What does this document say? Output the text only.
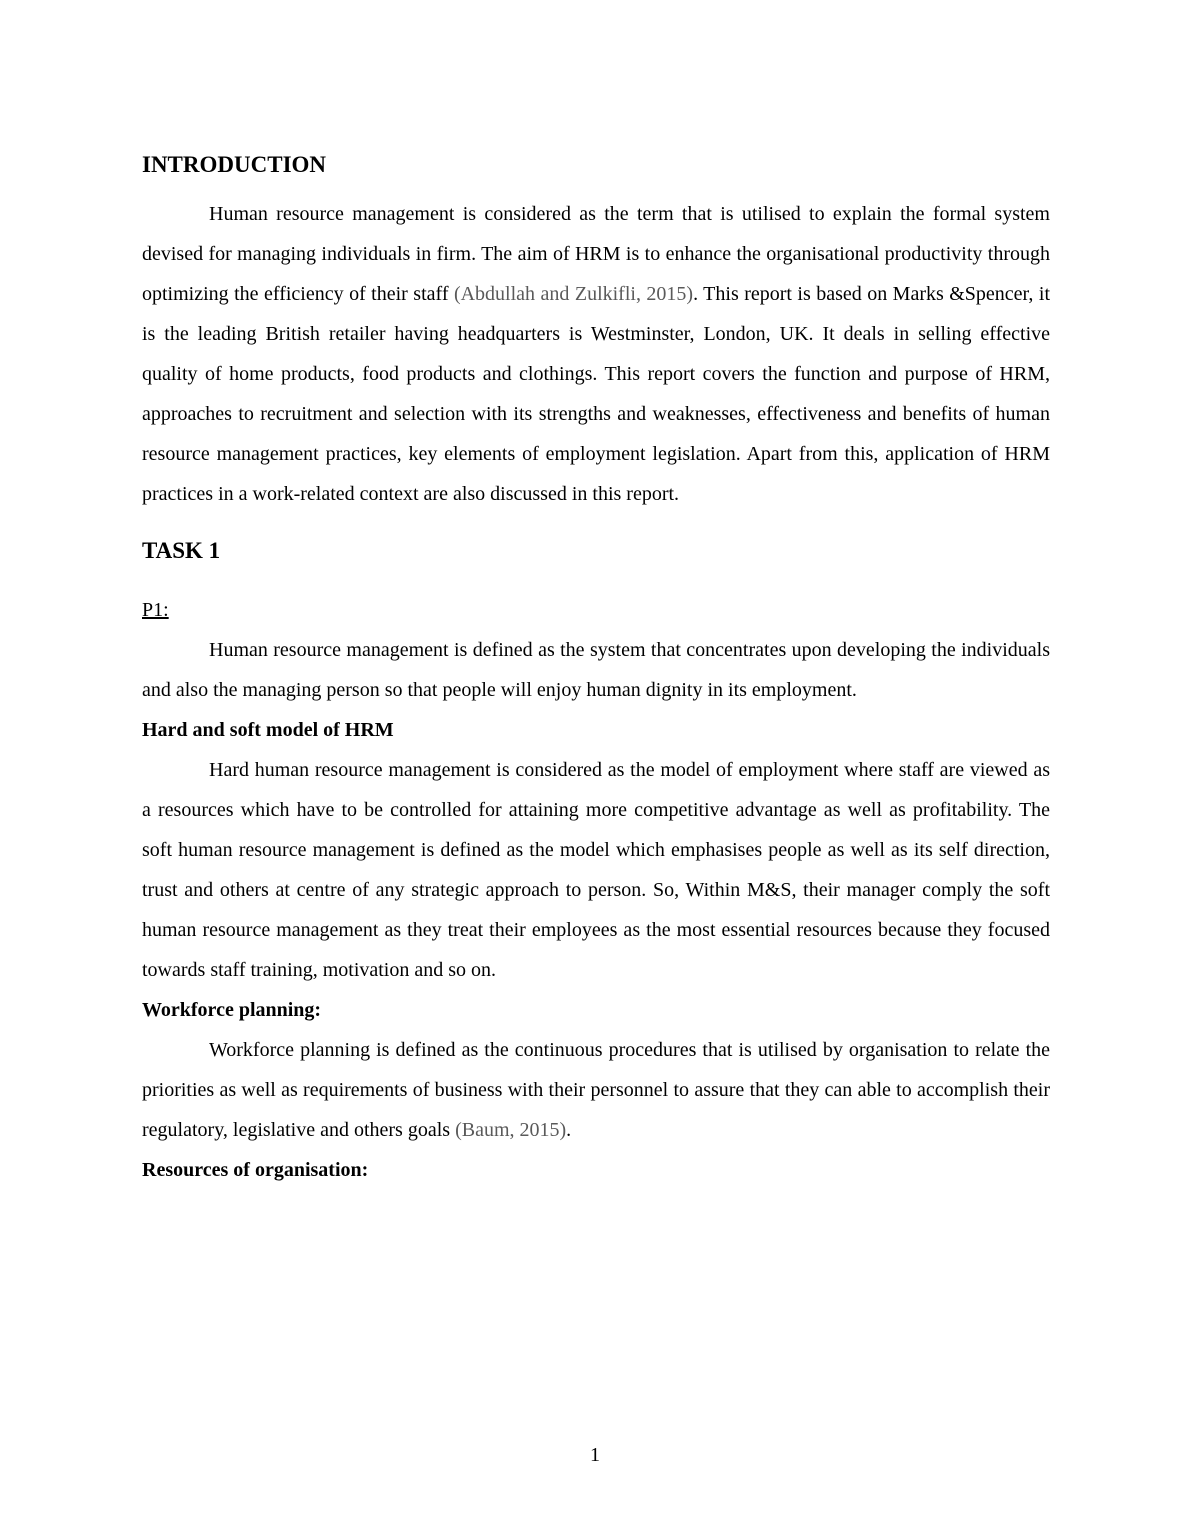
INTRODUCTION

Human resource management is considered as the term that is utilised to explain the formal system devised for managing individuals in firm. The aim of HRM is to enhance the organisational productivity through optimizing the efficiency of their staff (Abdullah and Zulkifli, 2015). This report is based on Marks &Spencer, it is the leading British retailer having headquarters is Westminster, London, UK. It deals in selling effective quality of home products, food products and clothings. This report covers the function and purpose of HRM, approaches to recruitment and selection with its strengths and weaknesses, effectiveness and benefits of human resource management practices, key elements of employment legislation. Apart from this, application of HRM practices in a work-related context are also discussed in this report.

TASK 1

P1:

Human resource management is defined as the system that concentrates upon developing the individuals and also the managing person so that people will enjoy human dignity in its employment.

Hard and soft model of HRM

Hard human resource management is considered as the model of employment where staff are viewed as a resources which have to be controlled for attaining more competitive advantage as well as profitability. The soft human resource management is defined as the model which emphasises people as well as its self direction, trust and others at centre of any strategic approach to person. So, Within M&S, their manager comply the soft human resource management as they treat their employees as the most essential resources because they focused towards staff training, motivation and so on.

Workforce planning:

Workforce planning is defined as the continuous procedures that is utilised by organisation to relate the priorities as well as requirements of business with their personnel to assure that they can able to accomplish their regulatory, legislative and others goals (Baum, 2015).

Resources of organisation:

1
